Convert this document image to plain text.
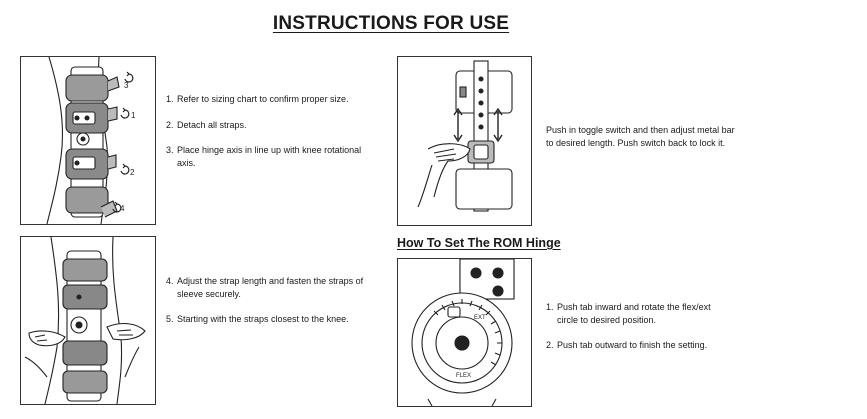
INSTRUCTIONS FOR USE
3
1
2
4

1. Refer to sizing chart to confirm proper size.

2. Detach all straps.

3. Place hinge axis in line up with knee rotational
axis.

4. Adjust the strap length and fasten the straps of
sleeve securely.

5. Starting with the straps closest to the knee.

Push in toggle switch and then adjust metal bar
to desired length. Push switch back to lock it.
How To Set The ROM Hinge
EXT
FLEX

1. Push tab inward and rotate the flex/ext
circle to desired position.

2. Push tab outward to finish the setting.
